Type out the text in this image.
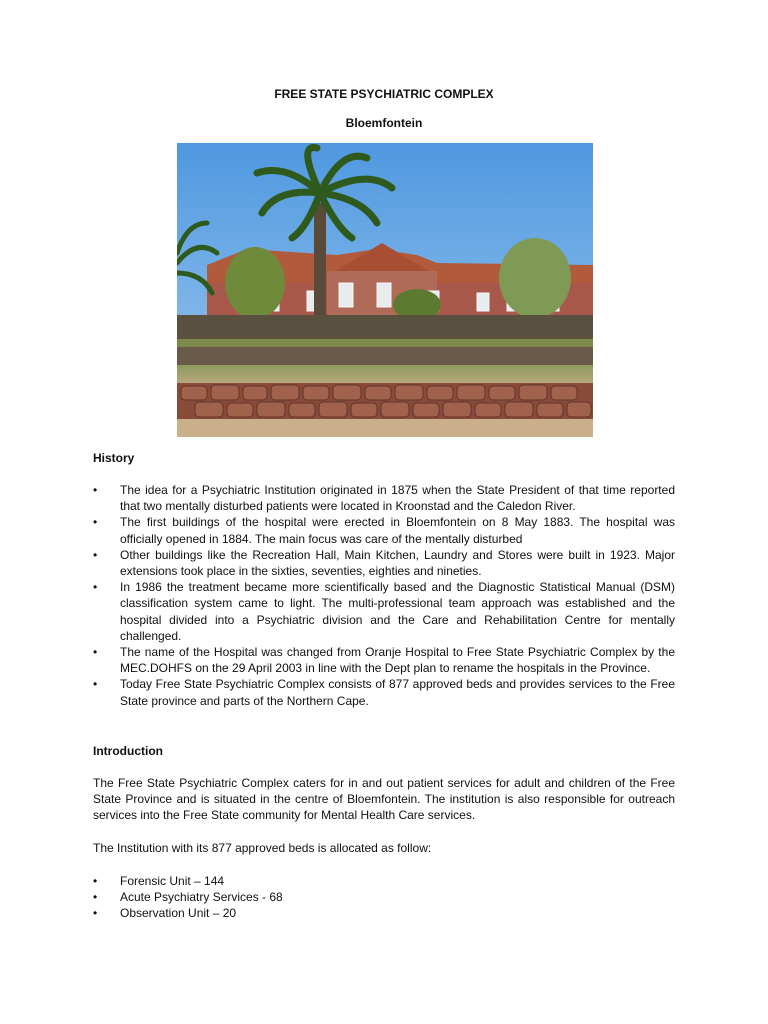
FREE STATE PSYCHIATRIC COMPLEX
Bloemfontein
History
•	The idea for a Psychiatric Institution originated in 1875 when the State President of that time reported that two mentally disturbed patients were located in Kroonstad and the Caledon River.
•	The first buildings of the hospital were erected in Bloemfontein on 8 May 1883. The hospital was officially opened in 1884. The main focus was care of the mentally disturbed
•	Other buildings like the Recreation Hall, Main Kitchen, Laundry and Stores were built in 1923. Major extensions took place in the sixties, seventies, eighties and nineties.
•	In 1986 the treatment became more scientifically based and the Diagnostic Statistical Manual (DSM) classification system came to light. The multi-professional team approach was established and the hospital divided into a Psychiatric division and the Care and Rehabilitation Centre for mentally challenged.
•	The name of the Hospital was changed from Oranje Hospital to Free State Psychiatric Complex by the MEC.DOHFS on the 29 April 2003 in line with the Dept plan to rename the hospitals in the Province.
•	Today Free State Psychiatric Complex consists of 877 approved beds and provides services to the Free State province and parts of the Northern Cape.
Introduction

The Free State Psychiatric Complex caters for in and out patient services for adult and children of the Free State Province and is situated in the centre of Bloemfontein. The institution is also responsible for outreach services into the Free State community for Mental Health Care services.

The Institution with its 877 approved beds is allocated as follow:

•	Forensic Unit – 144
•	Acute Psychiatry Services - 68
•	Observation Unit – 20
